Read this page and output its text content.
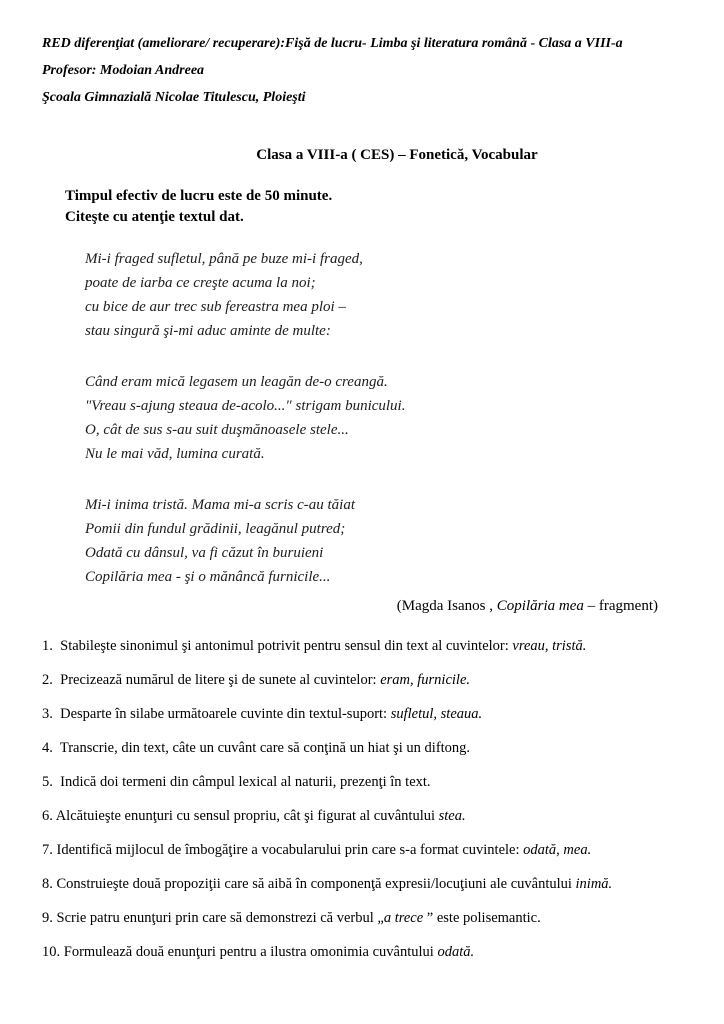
RED diferenţiat (ameliorare/ recuperare):Fişă de lucru- Limba şi literatura română - Clasa a VIII-a

Profesor: Modoian Andreea

Şcoala Gimnazială Nicolae Titulescu, Ploieşti

Clasa a VIII-a ( CES) – Fonetică, Vocabular

Timpul efectiv de lucru este de 50 minute.

Citeşte cu atenţie textul dat.

Mi-i fraged sufletul, până pe buze mi-i fraged,

poate de iarba ce creşte acuma la noi;

cu bice de aur trec sub fereastra mea ploi –

stau singură şi-mi aduc aminte de multe:

Când eram mică legasem un leagăn de-o creangă.

"Vreau s-ajung steaua de-acolo..." strigam bunicului.

O, cât de sus s-au suit duşmănoasele stele...

Nu le mai văd, lumina curată.

Mi-i inima tristă. Mama mi-a scris c-au tăiat

Pomii din fundul grădinii, leagănul putred;

Odată cu dânsul, va fi căzut în buruieni

Copilăria mea - şi o mănâncă furnicile...

(Magda Isanos , Copilăria mea – fragment)

1.  Stabileşte sinonimul şi antonimul potrivit pentru sensul din text al cuvintelor: vreau, tristă.

2.  Precizează numărul de litere şi de sunete al cuvintelor: eram, furnicile.

3.  Desparte în silabe următoarele cuvinte din textul-suport: sufletul, steaua.

4.  Transcrie, din text, câte un cuvânt care să conţină un hiat şi un diftong.

5.  Indică doi termeni din câmpul lexical al naturii, prezenţi în text.

6. Alcătuieşte enunţuri cu sensul propriu, cât şi figurat al cuvântului stea.

7. Identifică mijlocul de îmbogăţire a vocabularului prin care s-a format cuvintele: odată, mea.

8. Construieşte două propoziţii care să aibă în componenţă expresii/locuţiuni ale cuvântului inimă.

9. Scrie patru enunţuri prin care să demonstrezi că verbul „a trece ” este polisemantic.

10. Formulează două enunţuri pentru a ilustra omonimia cuvântului odată.
